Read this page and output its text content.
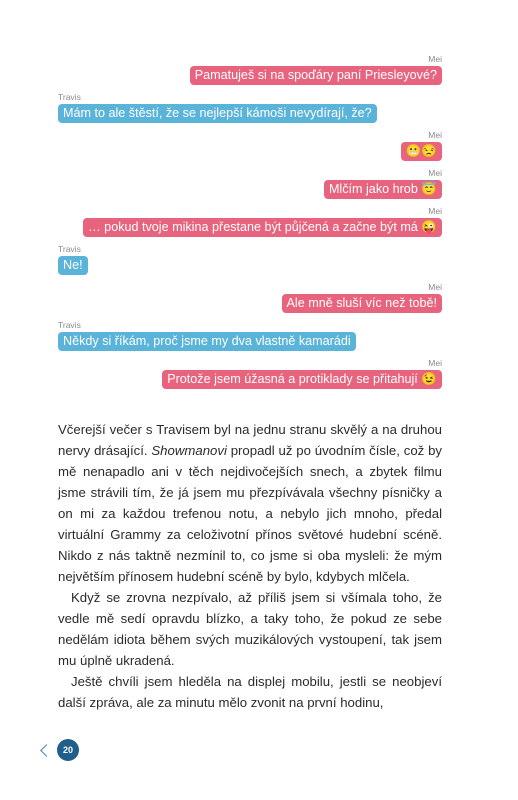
Mei
Pamatuješ si na spoďáry paní Priesleyové?
Travis
Mám to ale štěstí, že se nejlepší kámoši nevydírají, že?
Mei
😬😒
Mei
Mlčím jako hrob 😇
Mei
… pokud tvoje mikina přestane být půjčená a začne být má 😜
Travis
Ne!
Mei
Ale mně sluší víc než tobě!
Travis
Někdy si říkám, proč jsme my dva vlastně kamarádi
Mei
Protože jsem úžasná a protiklady se přitahují 😉

Včerejší večer s Travisem byl na jednu stranu skvělý a na druhou nervy drásající. Showmanovi propadl už po úvodním čísle, což by mě nenapadlo ani v těch nejdivočejších snech, a zbytek filmu jsme strávili tím, že já jsem mu přezpívávala všechny písničky a on mi za každou trefenou notu, a nebylo jich mnoho, předal virtuální Grammy za celoživotní přínos světové hudební scéně. Nikdo z nás taktně nezmínil to, co jsme si oba mysleli: že mým největším přínosem hudební scéně by bylo, kdybych mlčela.

Když se zrovna nezpívalo, až příliš jsem si všímala toho, že vedle mě sedí opravdu blízko, a taky toho, že pokud ze sebe nedělám idiota během svých muzikálových vystoupení, tak jsem mu úplně ukradená.

Ještě chvíli jsem hleděla na displej mobilu, jestli se neobjeví další zpráva, ale za minutu mělo zvonit na první hodinu,

20
